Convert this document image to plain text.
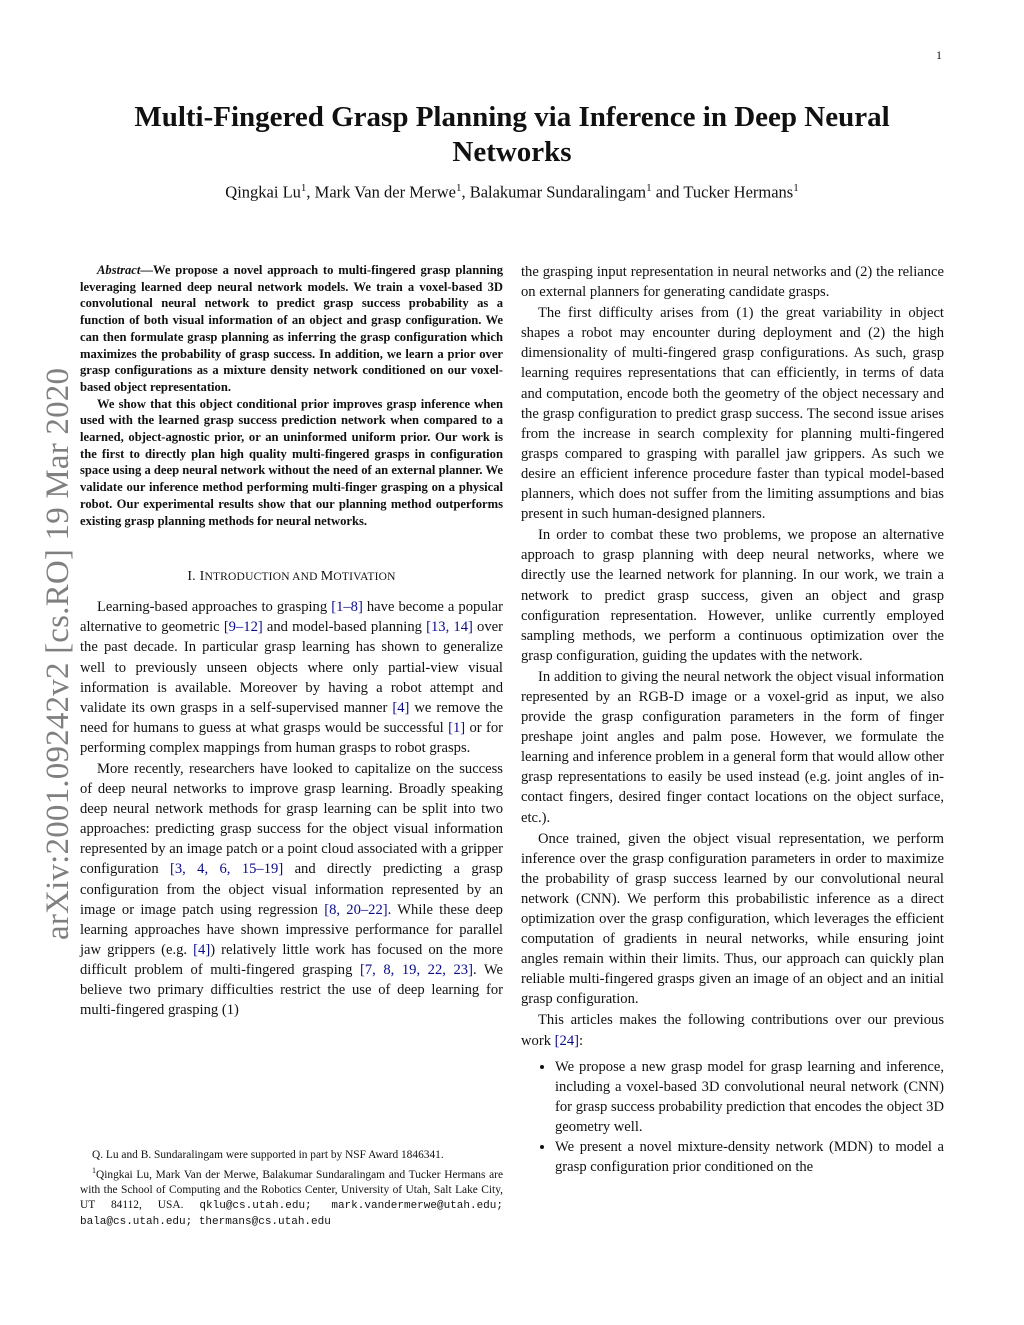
1
arXiv:2001.09242v2 [cs.RO] 19 Mar 2020
Multi-Fingered Grasp Planning via Inference in Deep Neural Networks
Qingkai Lu$^1$, Mark Van der Merwe$^1$, Balakumar Sundaralingam$^1$ and Tucker Hermans$^1$

Abstract—We propose a novel approach to multi-fingered grasp planning leveraging learned deep neural network models. We train a voxel-based 3D convolutional neural network to predict grasp success probability as a function of both visual information of an object and grasp configuration. We can then formulate grasp planning as inferring the grasp configuration which maximizes the probability of grasp success. In addition, we learn a prior over grasp configurations as a mixture density network conditioned on our voxel-based object representation.

We show that this object conditional prior improves grasp inference when used with the learned grasp success prediction network when compared to a learned, object-agnostic prior, or an uninformed uniform prior. Our work is the first to directly plan high quality multi-fingered grasps in configuration space using a deep neural network without the need of an external planner. We validate our inference method performing multi-finger grasping on a physical robot. Our experimental results show that our planning method outperforms existing grasp planning methods for neural networks.

I. INTRODUCTION AND MOTIVATION

Learning-based approaches to grasping [1–8] have become a popular alternative to geometric [9–12] and model-based planning [13, 14] over the past decade. In particular grasp learning has shown to generalize well to previously unseen objects where only partial-view visual information is available. Moreover by having a robot attempt and validate its own grasps in a self-supervised manner [4] we remove the need for humans to guess at what grasps would be successful [1] or for performing complex mappings from human grasps to robot grasps.

More recently, researchers have looked to capitalize on the success of deep neural networks to improve grasp learning. Broadly speaking deep neural network methods for grasp learning can be split into two approaches: predicting grasp success for the object visual information represented by an image patch or a point cloud associated with a gripper configuration [3, 4, 6, 15–19] and directly predicting a grasp configuration from the object visual information represented by an image or image patch using regression [8, 20–22]. While these deep learning approaches have shown impressive performance for parallel jaw grippers (e.g. [4]) relatively little work has focused on the more difficult problem of multi-fingered grasping [7, 8, 19, 22, 23]. We believe two primary difficulties restrict the use of deep learning for multi-fingered grasping (1)

Q. Lu and B. Sundaralingam were supported in part by NSF Award 1846341.

$^1$Qingkai Lu, Mark Van der Merwe, Balakumar Sundaralingam and Tucker Hermans are with the School of Computing and the Robotics Center, University of Utah, Salt Lake City, UT 84112, USA. qklu@cs.utah.edu; mark.vandermerwe@utah.edu; bala@cs.utah.edu; thermans@cs.utah.edu

the grasping input representation in neural networks and (2) the reliance on external planners for generating candidate grasps.

The first difficulty arises from (1) the great variability in object shapes a robot may encounter during deployment and (2) the high dimensionality of multi-fingered grasp configurations. As such, grasp learning requires representations that can efficiently, in terms of data and computation, encode both the geometry of the object necessary and the grasp configuration to predict grasp success. The second issue arises from the increase in search complexity for planning multi-fingered grasps compared to grasping with parallel jaw grippers. As such we desire an efficient inference procedure faster than typical model-based planners, which does not suffer from the limiting assumptions and bias present in such human-designed planners.

In order to combat these two problems, we propose an alternative approach to grasp planning with deep neural networks, where we directly use the learned network for planning. In our work, we train a network to predict grasp success, given an object and grasp configuration representation. However, unlike currently employed sampling methods, we perform a continuous optimization over the grasp configuration, guiding the updates with the network.

In addition to giving the neural network the object visual information represented by an RGB-D image or a voxel-grid as input, we also provide the grasp configuration parameters in the form of finger preshape joint angles and palm pose. However, we formulate the learning and inference problem in a general form that would allow other grasp representations to easily be used instead (e.g. joint angles of in-contact fingers, desired finger contact locations on the object surface, etc.).

Once trained, given the object visual representation, we perform inference over the grasp configuration parameters in order to maximize the probability of grasp success learned by our convolutional neural network (CNN). We perform this probabilistic inference as a direct optimization over the grasp configuration, which leverages the efficient computation of gradients in neural networks, while ensuring joint angles remain within their limits. Thus, our approach can quickly plan reliable multi-fingered grasps given an image of an object and an initial grasp configuration.

This articles makes the following contributions over our previous work [24]:

• We propose a new grasp model for grasp learning and inference, including a voxel-based 3D convolutional neural network (CNN) for grasp success probability prediction that encodes the object 3D geometry well.
• We present a novel mixture-density network (MDN) to model a grasp configuration prior conditioned on the
